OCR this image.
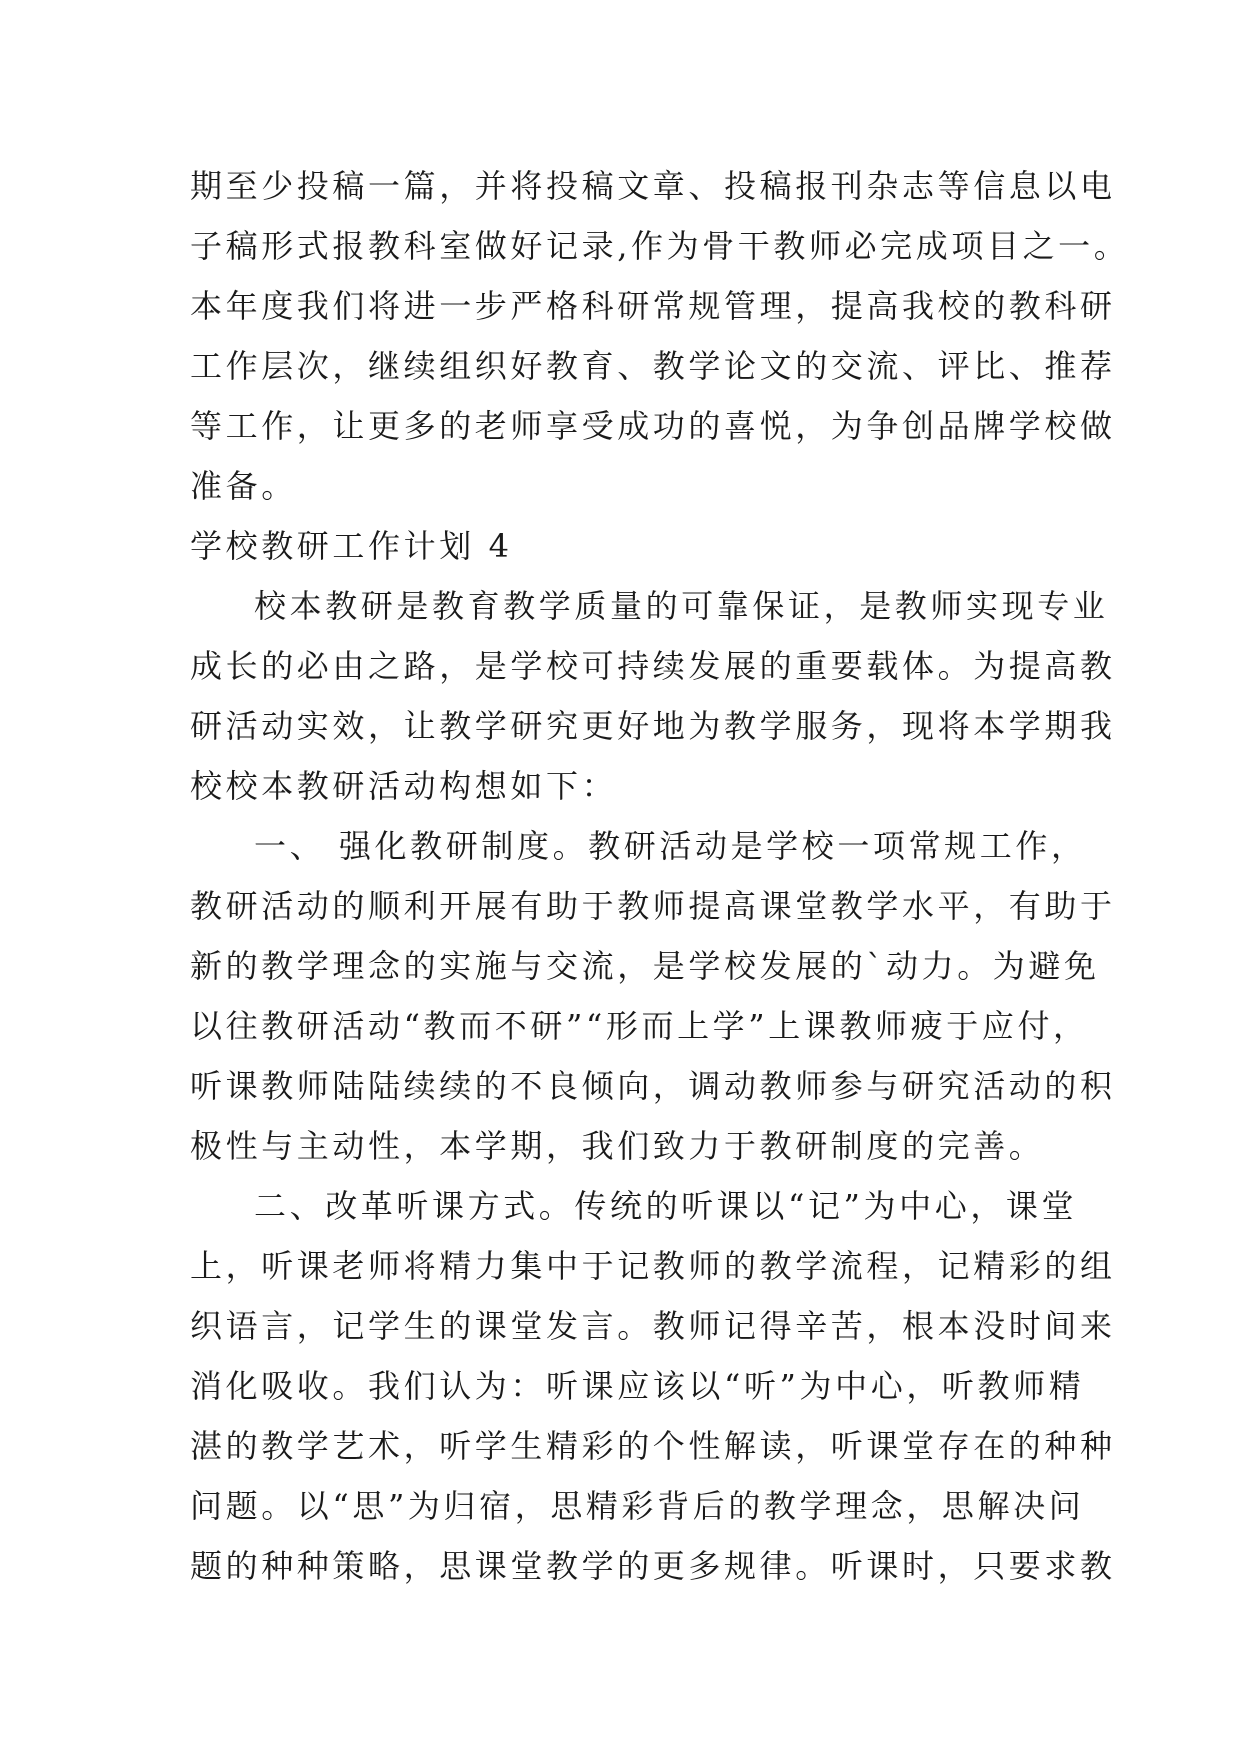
期至少投稿一篇，并将投稿文章、投稿报刊杂志等信息以电
子稿形式报教科室做好记录,作为骨干教师必完成项目之一。
本年度我们将进一步严格科研常规管理，提高我校的教科研
工作层次，继续组织好教育、教学论文的交流、评比、推荐
等工作，让更多的老师享受成功的喜悦，为争创品牌学校做
准备。
学校教研工作计划 4
校本教研是教育教学质量的可靠保证，是教师实现专业
成长的必由之路，是学校可持续发展的重要载体。为提高教
研活动实效，让教学研究更好地为教学服务，现将本学期我
校校本教研活动构想如下：
一、 强化教研制度。教研活动是学校一项常规工作，
教研活动的顺利开展有助于教师提高课堂教学水平，有助于
新的教学理念的实施与交流，是学校发展的`动力。为避免
以往教研活动“教而不研”“形而上学”上课教师疲于应付，
听课教师陆陆续续的不良倾向，调动教师参与研究活动的积
极性与主动性，本学期，我们致力于教研制度的完善。
二、改革听课方式。传统的听课以“记”为中心，课堂
上，听课老师将精力集中于记教师的教学流程，记精彩的组
织语言，记学生的课堂发言。教师记得辛苦，根本没时间来
消化吸收。我们认为：听课应该以“听”为中心，听教师精
湛的教学艺术，听学生精彩的个性解读，听课堂存在的种种
问题。以“思”为归宿，思精彩背后的教学理念，思解决问
题的种种策略，思课堂教学的更多规律。听课时，只要求教
